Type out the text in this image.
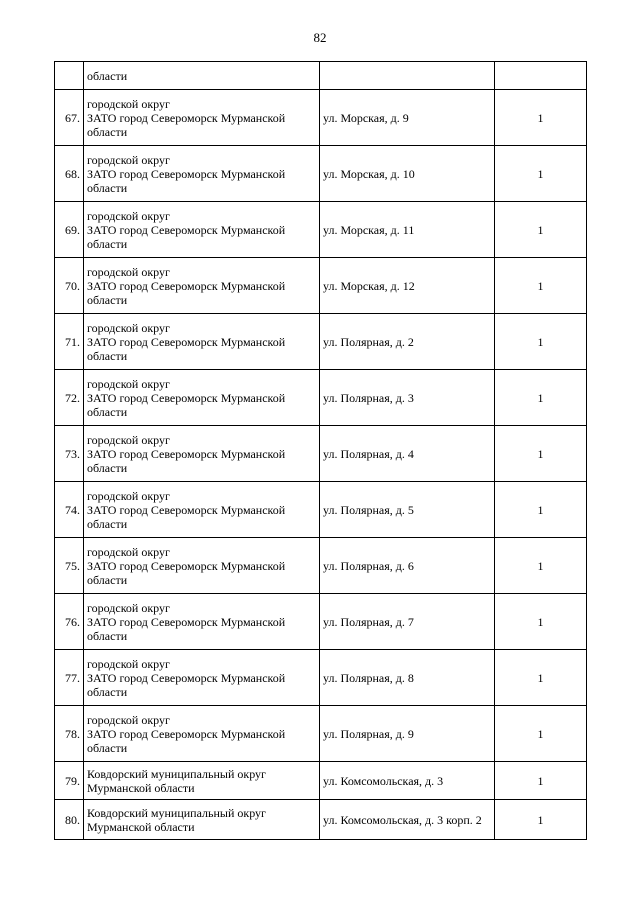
82
	области		
67.	городской округ
ЗАТО город Североморск Мурманской
области	ул. Морская, д. 9	1
68.	городской округ
ЗАТО город Североморск Мурманской
области	ул. Морская, д. 10	1
69.	городской округ
ЗАТО город Североморск Мурманской
области	ул. Морская, д. 11	1
70.	городской округ
ЗАТО город Североморск Мурманской
области	ул. Морская, д. 12	1
71.	городской округ
ЗАТО город Североморск Мурманской
области	ул. Полярная, д. 2	1
72.	городской округ
ЗАТО город Североморск Мурманской
области	ул. Полярная, д. 3	1
73.	городской округ
ЗАТО город Североморск Мурманской
области	ул. Полярная, д. 4	1
74.	городской округ
ЗАТО город Североморск Мурманской
области	ул. Полярная, д. 5	1
75.	городской округ
ЗАТО город Североморск Мурманской
области	ул. Полярная, д. 6	1
76.	городской округ
ЗАТО город Североморск Мурманской
области	ул. Полярная, д. 7	1
77.	городской округ
ЗАТО город Североморск Мурманской
области	ул. Полярная, д. 8	1
78.	городской округ
ЗАТО город Североморск Мурманской
области	ул. Полярная, д. 9	1
79.	Ковдорский муниципальный округ
Мурманской области	ул. Комсомольская, д. 3	1
80.	Ковдорский муниципальный округ
Мурманской области	ул. Комсомольская, д. 3 корп. 2	1
